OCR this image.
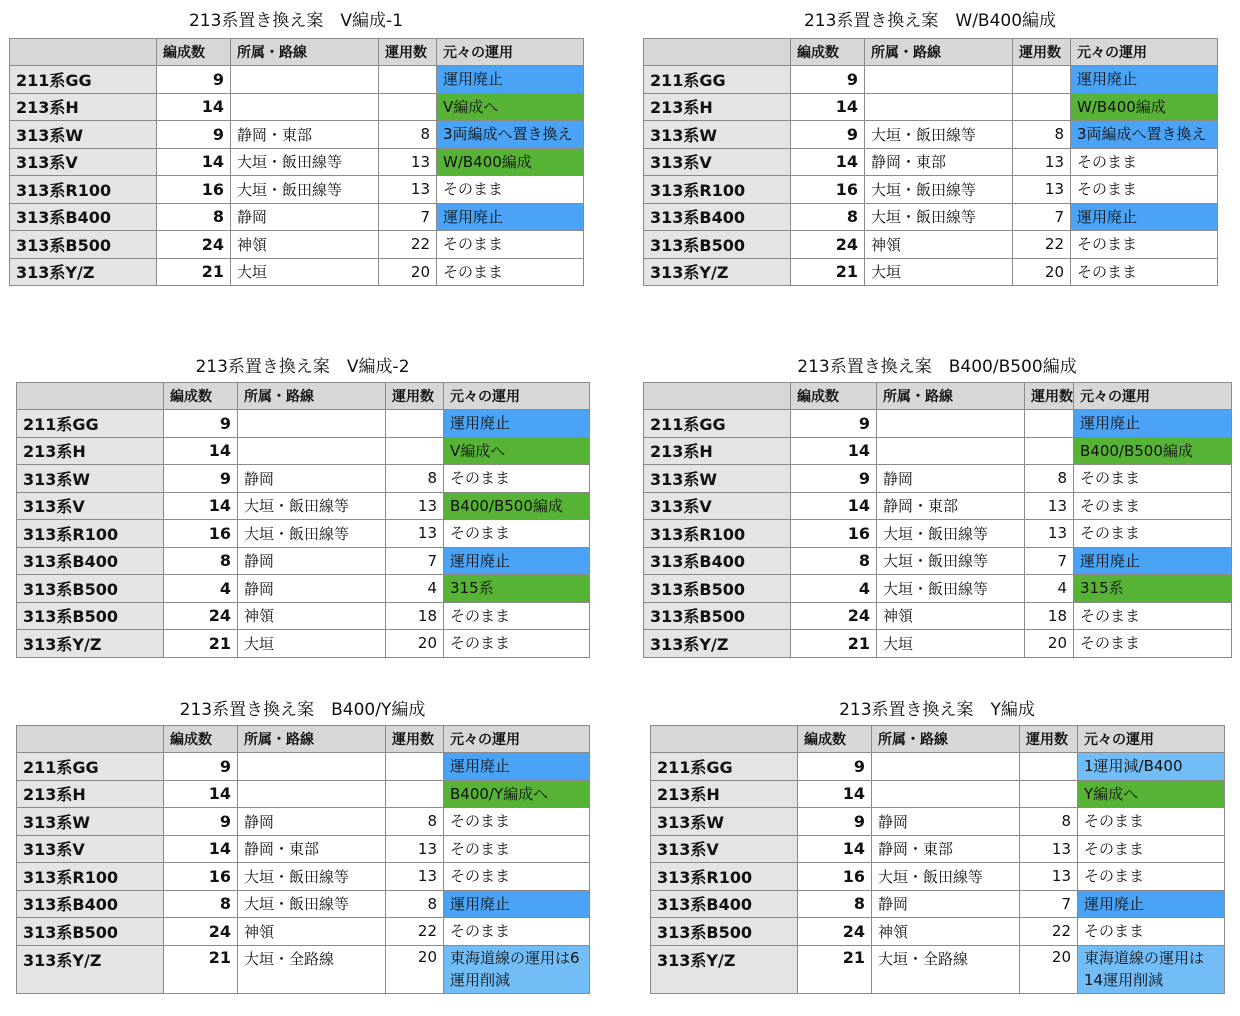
213系置き換え案　V編成-1
	編成数	所属・路線	運用数	元々の運用
211系GG	9			運用廃止
213系H	14			V編成へ
313系W	9	静岡・東部	8	3両編成へ置き換え
313系V	14	大垣・飯田線等	13	W/B400編成
313系R100	16	大垣・飯田線等	13	そのまま
313系B400	8	静岡	7	運用廃止
313系B500	24	神領	22	そのまま
313系Y/Z	21	大垣	20	そのまま
213系置き換え案　W/B400編成
	編成数	所属・路線	運用数	元々の運用
211系GG	9			運用廃止
213系H	14			W/B400編成
313系W	9	大垣・飯田線等	8	3両編成へ置き換え
313系V	14	静岡・東部	13	そのまま
313系R100	16	大垣・飯田線等	13	そのまま
313系B400	8	大垣・飯田線等	7	運用廃止
313系B500	24	神領	22	そのまま
313系Y/Z	21	大垣	20	そのまま
213系置き換え案　V編成-2
	編成数	所属・路線	運用数	元々の運用
211系GG	9			運用廃止
213系H	14			V編成へ
313系W	9	静岡	8	そのまま
313系V	14	大垣・飯田線等	13	B400/B500編成
313系R100	16	大垣・飯田線等	13	そのまま
313系B400	8	静岡	7	運用廃止
313系B500	4	静岡	4	315系
313系B500	24	神領	18	そのまま
313系Y/Z	21	大垣	20	そのまま
213系置き換え案　B400/B500編成
	編成数	所属・路線	運用数	元々の運用
211系GG	9			運用廃止
213系H	14			B400/B500編成
313系W	9	静岡	8	そのまま
313系V	14	静岡・東部	13	そのまま
313系R100	16	大垣・飯田線等	13	そのまま
313系B400	8	大垣・飯田線等	7	運用廃止
313系B500	4	大垣・飯田線等	4	315系
313系B500	24	神領	18	そのまま
313系Y/Z	21	大垣	20	そのまま
213系置き換え案　B400/Y編成
	編成数	所属・路線	運用数	元々の運用
211系GG	9			運用廃止
213系H	14			B400/Y編成へ
313系W	9	静岡	8	そのまま
313系V	14	静岡・東部	13	そのまま
313系R100	16	大垣・飯田線等	13	そのまま
313系B400	8	大垣・飯田線等	8	運用廃止
313系B500	24	神領	22	そのまま
313系Y/Z	21	大垣・全路線	20	東海道線の運用は6運用削減
213系置き換え案　Y編成
	編成数	所属・路線	運用数	元々の運用
211系GG	9			1運用減/B400
213系H	14			Y編成へ
313系W	9	静岡	8	そのまま
313系V	14	静岡・東部	13	そのまま
313系R100	16	大垣・飯田線等	13	そのまま
313系B400	8	静岡	7	運用廃止
313系B500	24	神領	22	そのまま
313系Y/Z	21	大垣・全路線	20	東海道線の運用は14運用削減
